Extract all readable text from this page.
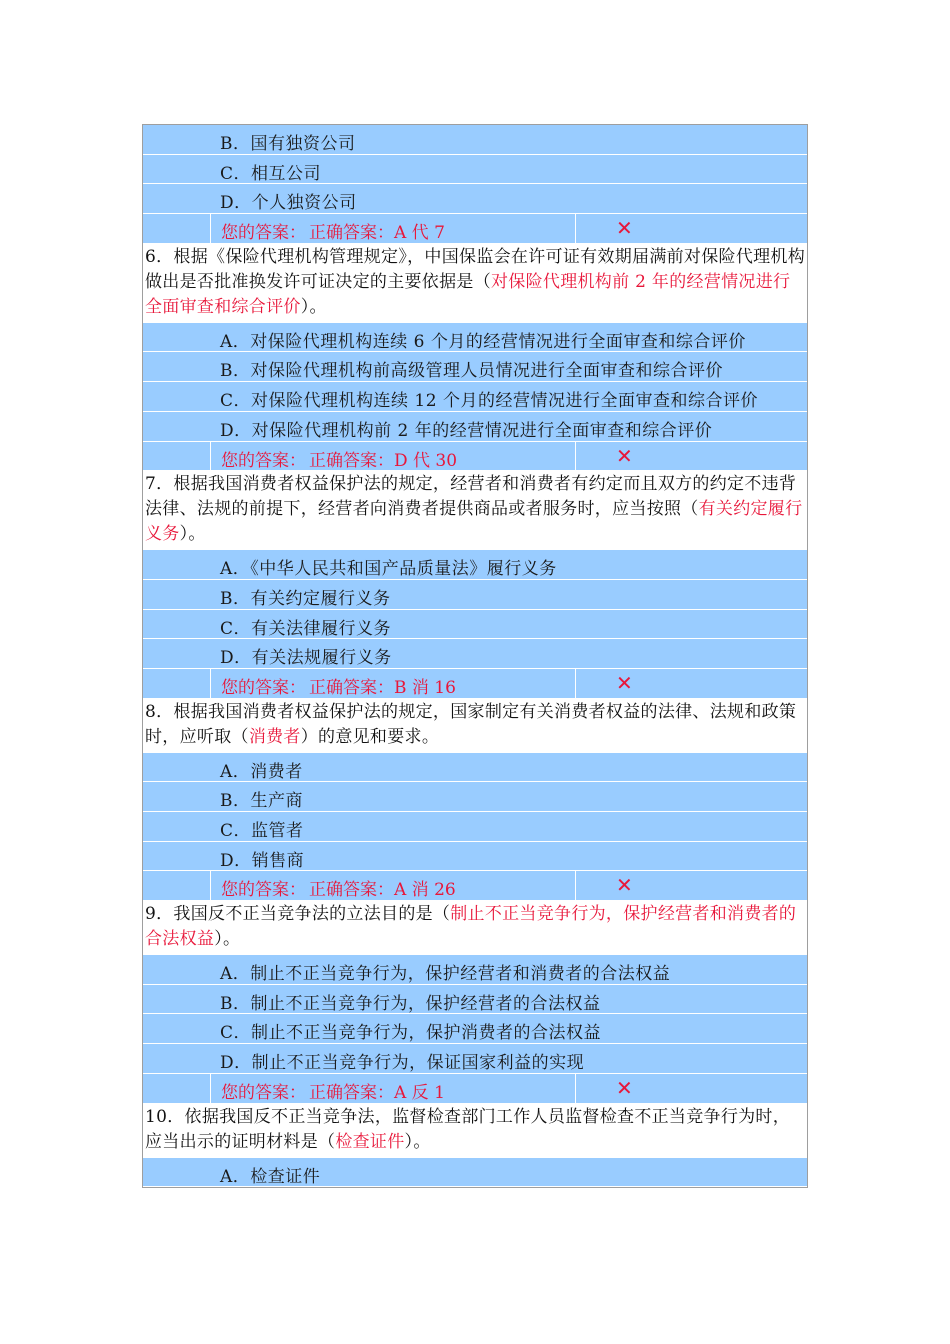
B．国有独资公司
C．相互公司
D．个人独资公司
您的答案： 正确答案：A 代 7	✕
6．根据《保险代理机构管理规定》，中国保监会在许可证有效期届满前对保险代理机构做出是否批准换发许可证决定的主要依据是（对保险代理机构前 2 年的经营情况进行全面审查和综合评价）。
A．对保险代理机构连续 6 个月的经营情况进行全面审查和综合评价
B．对保险代理机构前高级管理人员情况进行全面审查和综合评价
C．对保险代理机构连续 12 个月的经营情况进行全面审查和综合评价
D．对保险代理机构前 2 年的经营情况进行全面审查和综合评价
您的答案： 正确答案：D 代 30	✕
7．根据我国消费者权益保护法的规定，经营者和消费者有约定而且双方的约定不违背法律、法规的前提下，经营者向消费者提供商品或者服务时，应当按照（有关约定履行义务）。
A．《中华人民共和国产品质量法》履行义务
B．有关约定履行义务
C．有关法律履行义务
D．有关法规履行义务
您的答案： 正确答案：B 消 16	✕
8．根据我国消费者权益保护法的规定，国家制定有关消费者权益的法律、法规和政策时，应听取（消费者）的意见和要求。
A．消费者
B．生产商
C．监管者
D．销售商
您的答案： 正确答案：A 消 26	✕
9．我国反不正当竞争法的立法目的是（制止不正当竞争行为，保护经营者和消费者的合法权益）。
A．制止不正当竞争行为，保护经营者和消费者的合法权益
B．制止不正当竞争行为，保护经营者的合法权益
C．制止不正当竞争行为，保护消费者的合法权益
D．制止不正当竞争行为，保证国家利益的实现
您的答案： 正确答案：A 反 1	✕
10．依据我国反不正当竞争法，监督检查部门工作人员监督检查不正当竞争行为时，应当出示的证明材料是（检查证件）。
A．检查证件
